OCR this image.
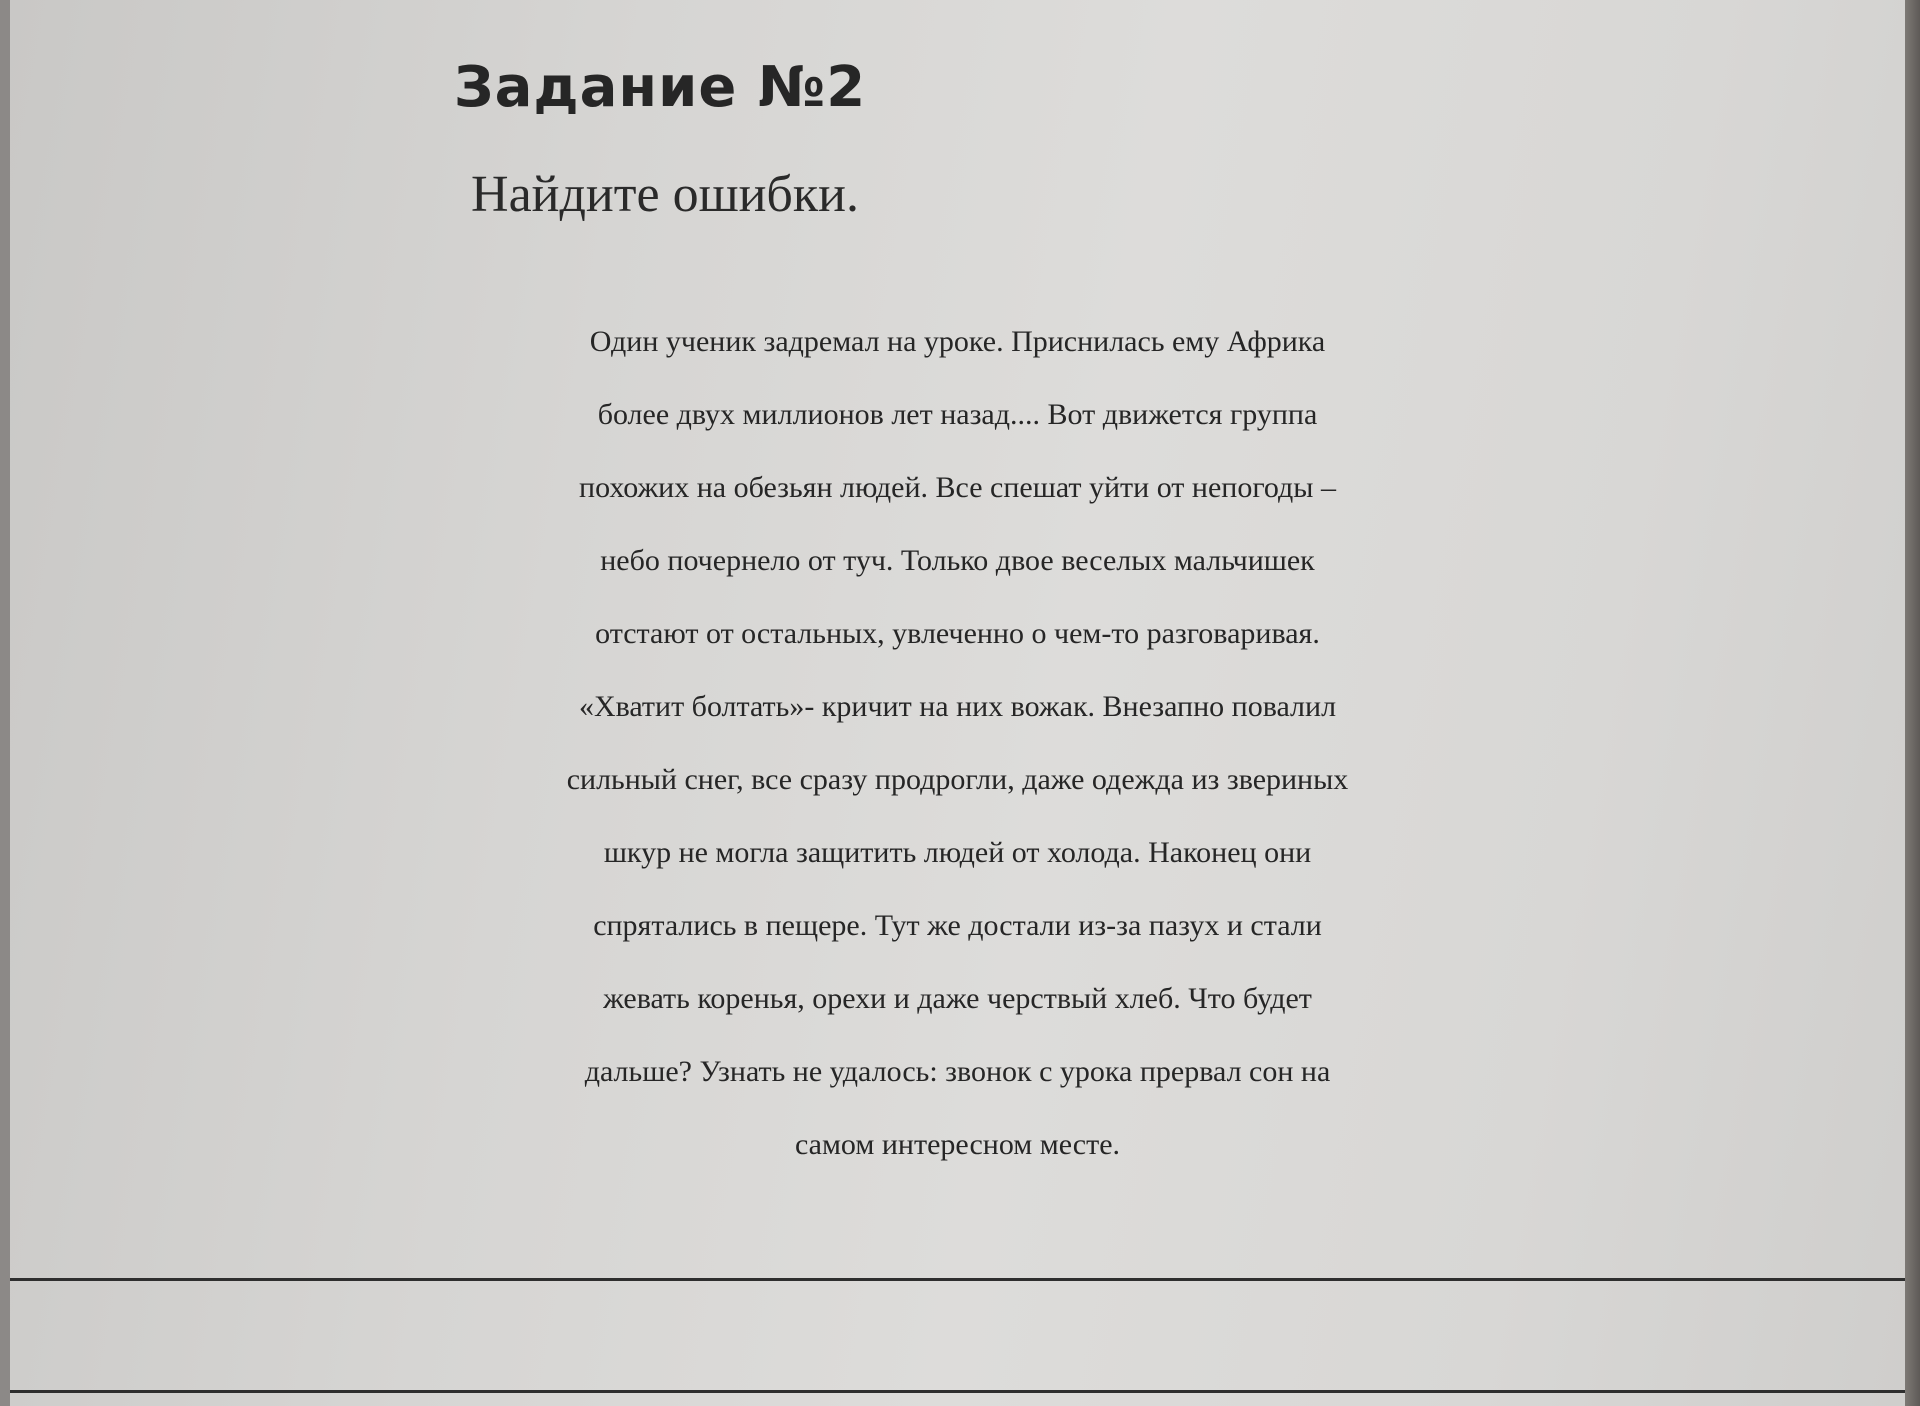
Задание №2
Найдите ошибки.

Один ученик задремал на уроке. Приснилась ему Африка
более двух миллионов лет назад.... Вот движется группа
похожих на обезьян людей. Все спешат уйти от непогоды –
небо почернело от туч. Только двое веселых мальчишек
отстают от остальных, увлеченно о чем-то разговаривая.
«Хватит болтать»- кричит на них вожак. Внезапно повалил
сильный снег, все сразу продрогли, даже одежда из звериных
шкур не могла защитить людей от холода. Наконец они
спрятались в пещере. Тут же достали из-за пазух и стали
жевать коренья, орехи и даже черствый хлеб. Что будет
дальше? Узнать не удалось: звонок с урока прервал сон на
самом интересном месте.
